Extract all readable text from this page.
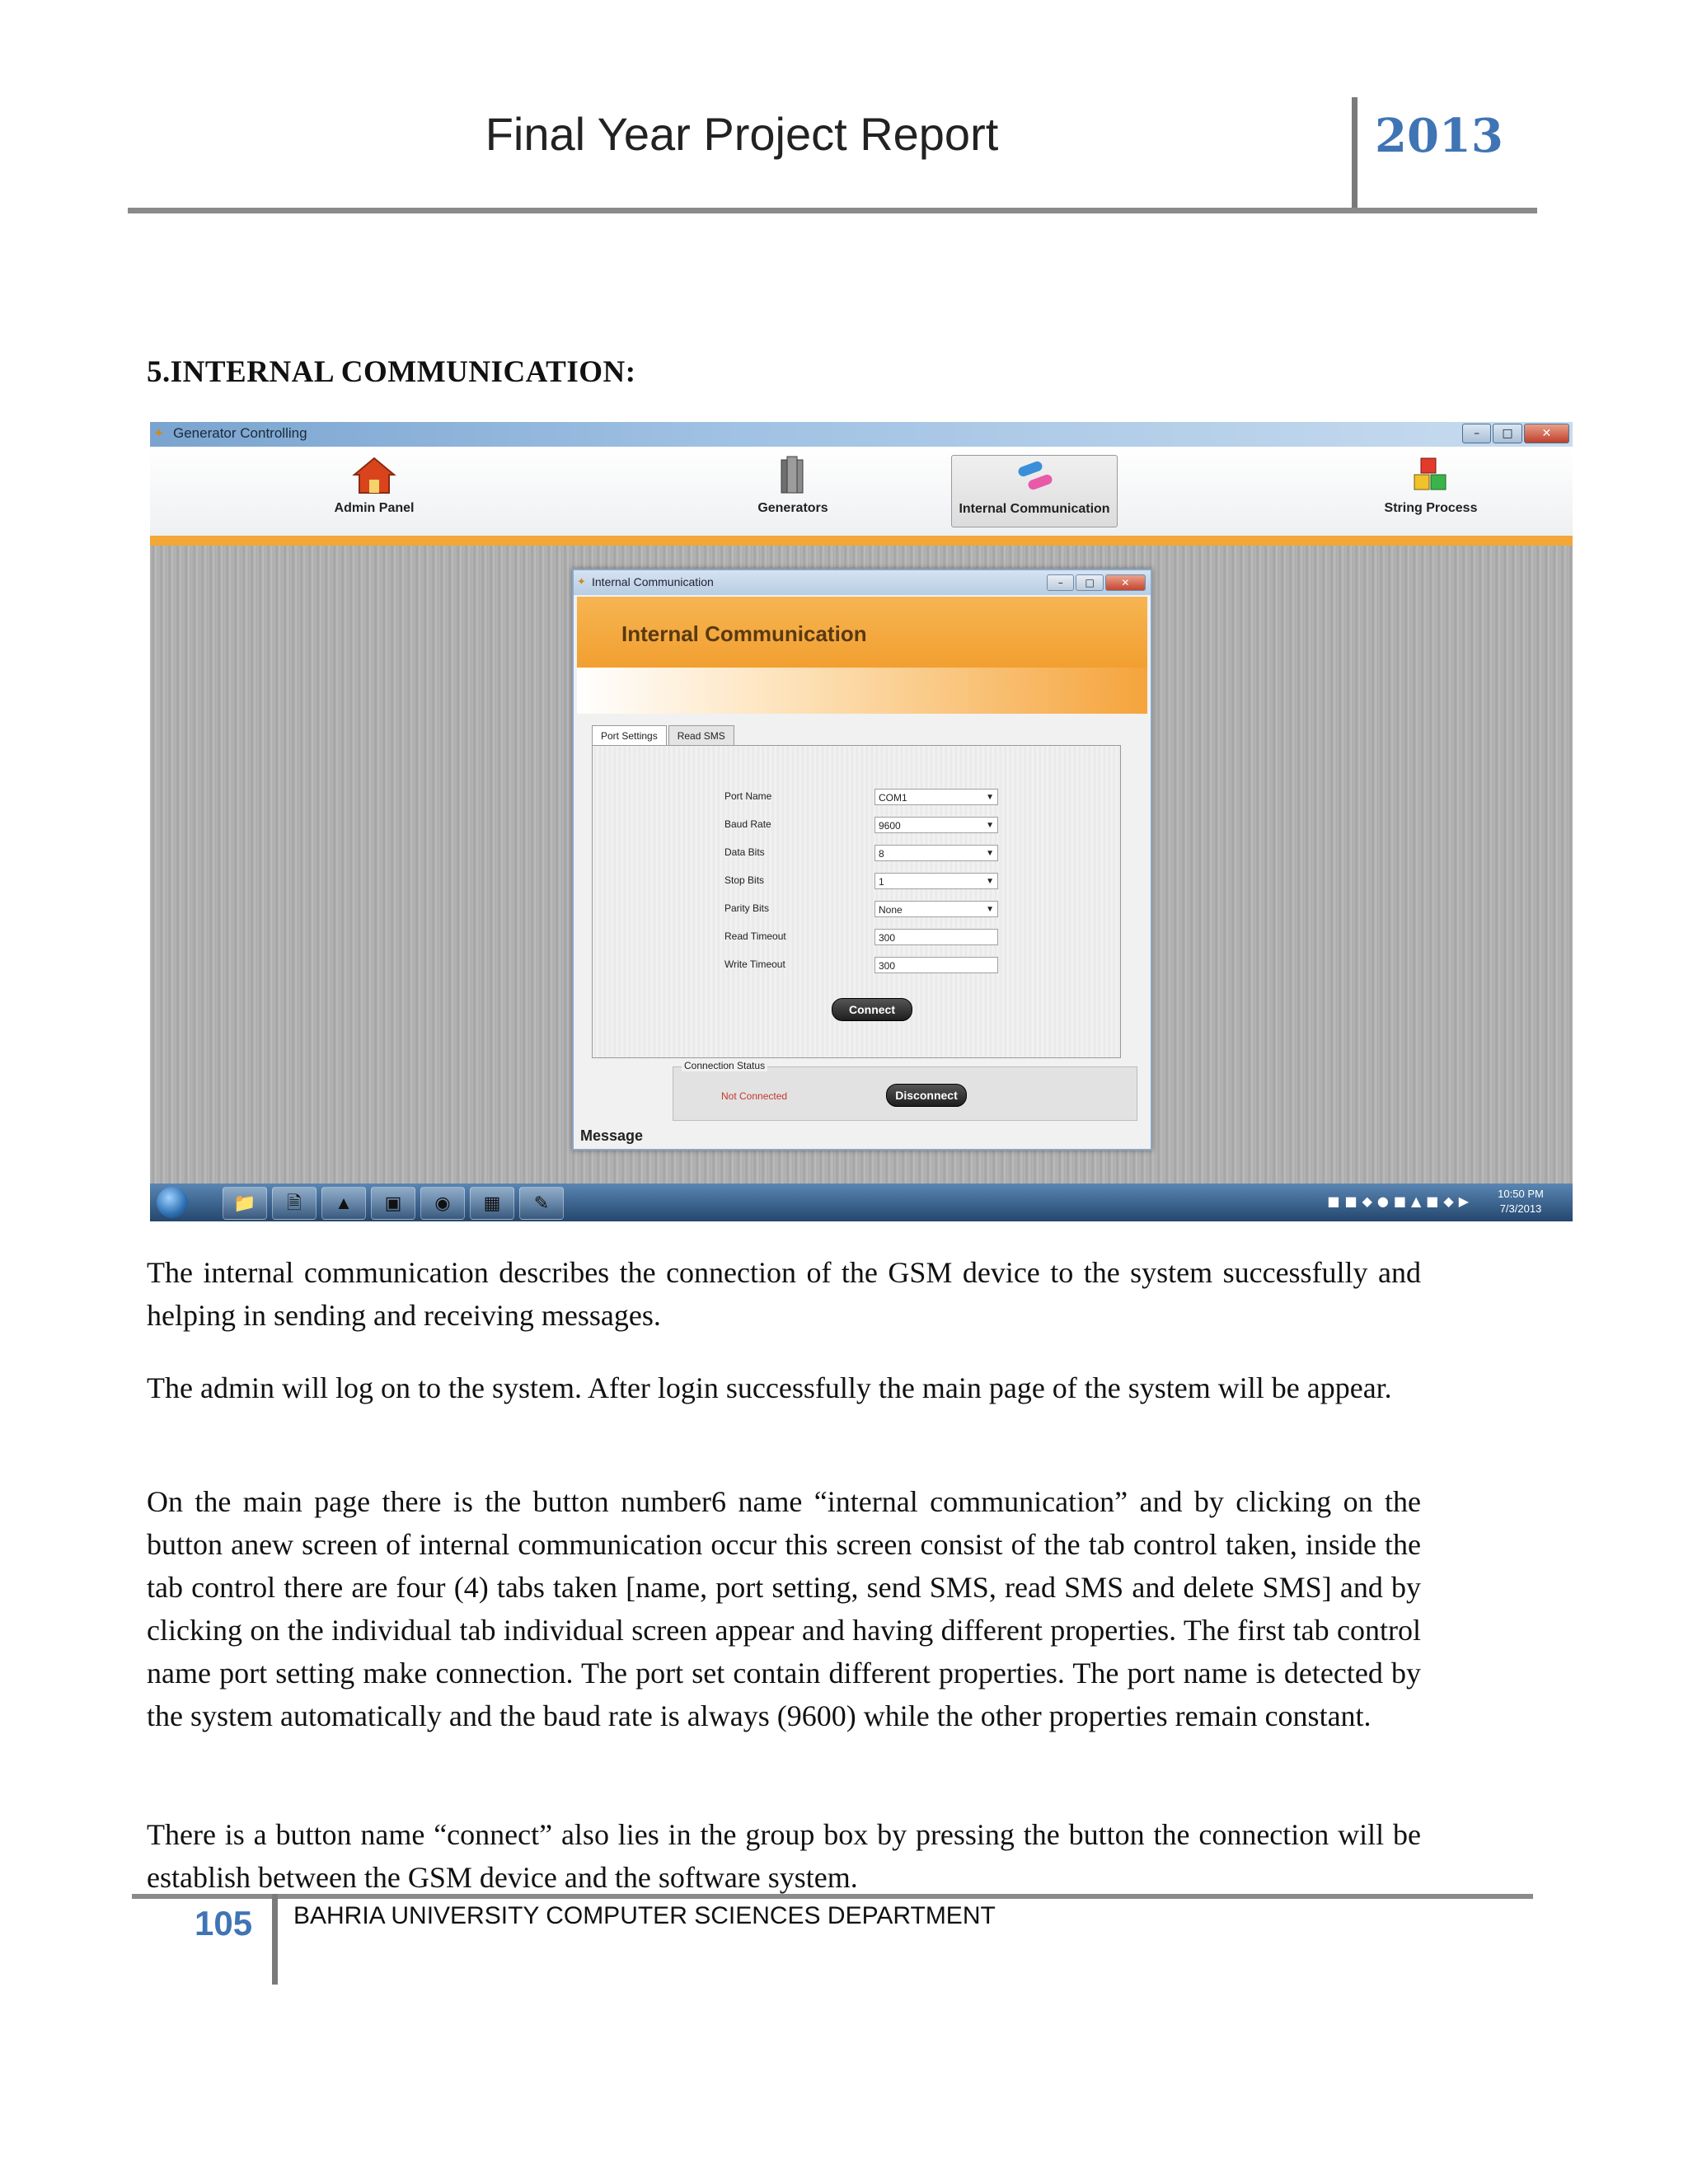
Final Year Project Report	2013
5.INTERNAL COMMUNICATION:
✦ Generator Controlling	–	□	✕
Admin Panel	Generators	Internal Communication	String Process
✦ Internal Communication	–	□	✕
Internal Communication
Port Settings	Read SMS
Port Name	COM1	▼
Baud Rate	9600	▼
Data Bits	8	▼
Stop Bits	1	▼
Parity Bits	None	▼
Read Timeout	300
Write Timeout	300
Connect
Connection Status
Not Connected	Disconnect
Message
📁	🗎	▲	▣	◉	▦	✎	■■◆●■▲■◆▶	10:50 PM
7/3/2013

The internal communication describes the connection of the GSM device to the system successfully and helping in sending and receiving messages.

The admin will log on to the system. After login successfully the main page of the system will be appear.

On the main page there is the button number6 name “internal communication” and by clicking on the button anew screen of internal communication occur this screen consist of the tab control taken, inside the tab control there are four (4) tabs taken [name, port setting, send SMS, read SMS and delete SMS] and by clicking on the individual tab individual screen appear and having different properties. The first tab control name port setting make connection. The port set contain different properties. The port name is detected by the system automatically and the baud rate is always (9600) while the other properties remain constant.

There is a button name “connect” also lies in the group box by pressing the button the connection will be establish between the GSM device and the software system.

105 BAHRIA UNIVERSITY COMPUTER SCIENCES DEPARTMENT
